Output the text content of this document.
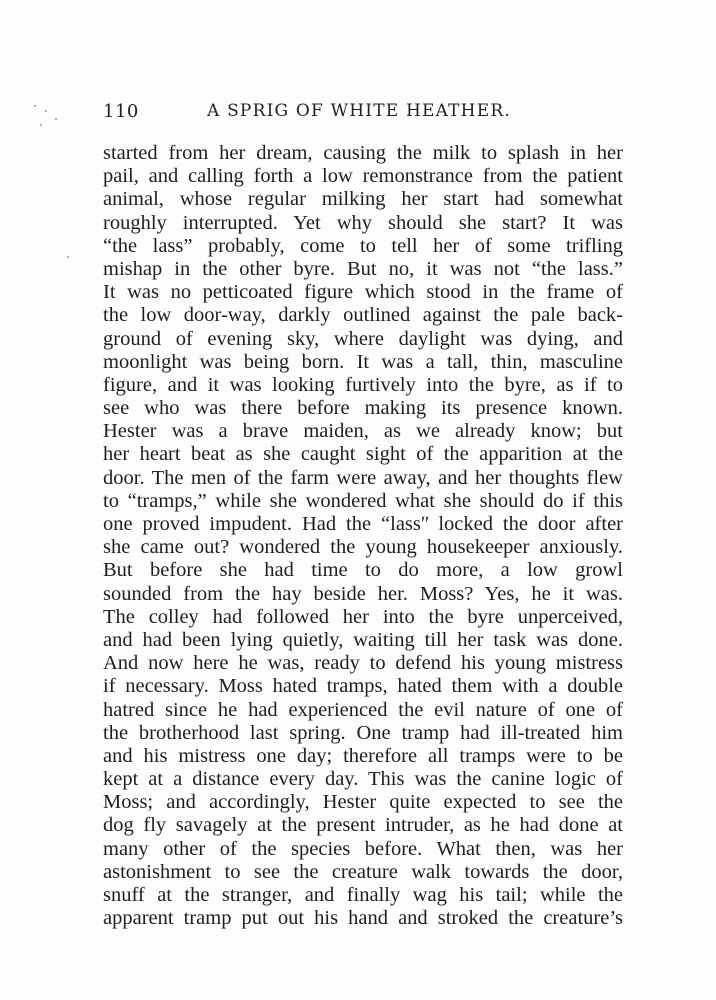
110	A SPRIG OF WHITE HEATHER.
started from her dream, causing the milk to splash in her
pail, and calling forth a low remonstrance from the patient
animal, whose regular milking her start had somewhat
roughly interrupted. Yet why should she start? It was
“the lass” probably, come to tell her of some trifling
mishap in the other byre. But no, it was not “the lass.”
It was no petticoated figure which stood in the frame of
the low door-way, darkly outlined against the pale back-
ground of evening sky, where daylight was dying, and
moonlight was being born. It was a tall, thin, masculine
figure, and it was looking furtively into the byre, as if to
see who was there before making its presence known.
Hester was a brave maiden, as we already know; but
her heart beat as she caught sight of the apparition at the
door. The men of the farm were away, and her thoughts flew
to “tramps,” while she wondered what she should do if this
one proved impudent. Had the “lassʺ locked the door after
she came out? wondered the young housekeeper anxiously.
But before she had time to do more, a low growl
sounded from the hay beside her. Moss? Yes, he it was.
The colley had followed her into the byre unperceived,
and had been lying quietly, waiting till her task was done.
And now here he was, ready to defend his young mistress
if necessary. Moss hated tramps, hated them with a double
hatred since he had experienced the evil nature of one of
the brotherhood last spring. One tramp had ill-treated him
and his mistress one day; therefore all tramps were to be
kept at a distance every day. This was the canine logic of
Moss; and accordingly, Hester quite expected to see the
dog fly savagely at the present intruder, as he had done at
many other of the species before. What then, was her
astonishment to see the creature walk towards the door,
snuff at the stranger, and finally wag his tail; while the
apparent tramp put out his hand and stroked the creature’s
